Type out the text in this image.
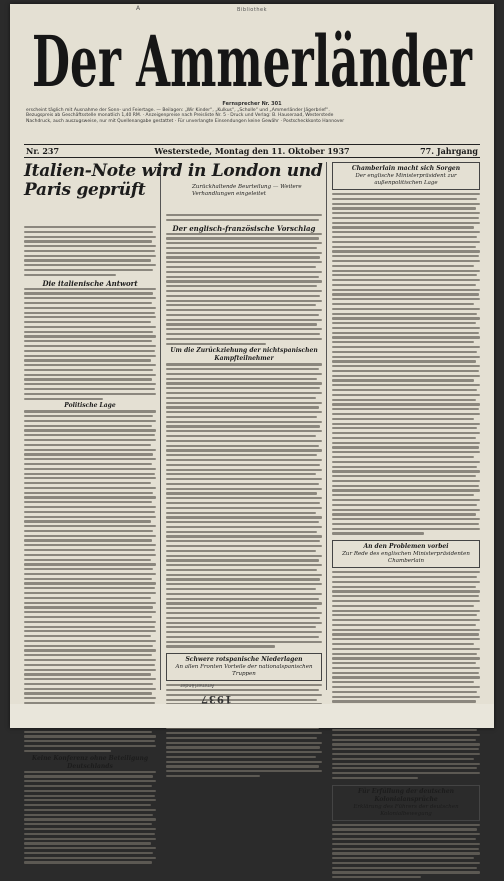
A	Bibliothek
Der Ammerländer
Fernsprecher Nr. 301
erscheint täglich mit Ausnahme der Sonn- und Feiertage. — Beilagen: „Wir Kinder“, „Kulkus“, „Scholle“ und „Ammerländer Jägerbrief“.
Bezugspreis ab Geschäftsstelle monatlich 1,40 RM. · Anzeigenpreise nach Preisliste Nr. 5 · Druck und Verlag: B. Hauseraad, Westerstede
Nachdruck, auch auszugsweise, nur mit Quellenangabe gestattet · Für unverlangte Einsendungen keine Gewähr · Postscheckkonto Hannover
Nr. 237	Westerstede, Montag den 11. Oktober 1937	77. Jahrgang
Italien-Note wird in London und Paris geprüft	Zurückhaltende Beurteilung — Weitere Verhandlungen eingeleitet
Die italienische Antwort
Politische Lage
Keine Konferenz ohne Beteiligung Deutschlands
Der englisch-französische Vorschlag
Um die Zurückziehung der nichtspanischen Kampfteilnehmer
Schwere rotspanische Niederlagen
An allen Fronten Vorteile der nationalspanischen Truppen
Chamberlain macht sich Sorgen
Der englische Ministerpräsident zur außenpolitischen Lage
An den Problemen vorbei
Zur Rede des englischen Ministerpräsidenten Chamberlain
Für Erfüllung der deutschen Kolonialansprüche
Erklärung des Führers der deutschen Kolonialbewegung
Ammerländer
1937
